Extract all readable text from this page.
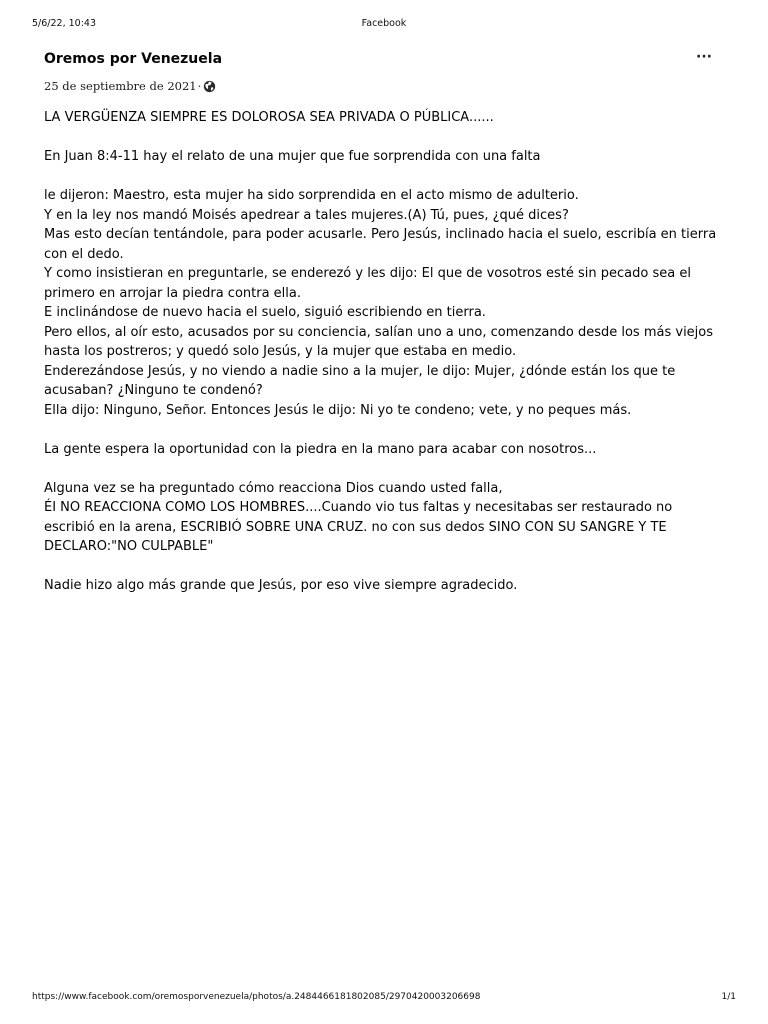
5/6/22, 10:43	Facebook
Oremos por Venezuela	···
25 de septiembre de 2021 ·

LA VERGÜENZA SIEMPRE ES DOLOROSA SEA PRIVADA O PÚBLICA......

En Juan 8:4-11 hay el relato de una mujer que fue sorprendida con una falta

le dijeron: Maestro, esta mujer ha sido sorprendida en el acto mismo de adulterio.

Y en la ley nos mandó Moisés apedrear a tales mujeres.(A) Tú, pues, ¿qué dices?

Mas esto decían tentándole, para poder acusarle. Pero Jesús, inclinado hacia el suelo, escribía en tierra con el dedo.

Y como insistieran en preguntarle, se enderezó y les dijo: El que de vosotros esté sin pecado sea el primero en arrojar la piedra contra ella.

E inclinándose de nuevo hacia el suelo, siguió escribiendo en tierra.

Pero ellos, al oír esto, acusados por su conciencia, salían uno a uno, comenzando desde los más viejos hasta los postreros; y quedó solo Jesús, y la mujer que estaba en medio.

Enderezándose Jesús, y no viendo a nadie sino a la mujer, le dijo: Mujer, ¿dónde están los que te acusaban? ¿Ninguno te condenó?

Ella dijo: Ninguno, Señor. Entonces Jesús le dijo: Ni yo te condeno; vete, y no peques más.

La gente espera la oportunidad con la piedra en la mano para acabar con nosotros...

Alguna vez se ha preguntado cómo reacciona Dios cuando usted falla,

ÉI NO REACCIONA COMO LOS HOMBRES....Cuando vio tus faltas y necesitabas ser restaurado no escribió en la arena, ESCRIBIÓ SOBRE UNA CRUZ. no con sus dedos SINO CON SU SANGRE Y TE DECLARO:"NO CULPABLE"

Nadie hizo algo más grande que Jesús, por eso vive siempre agradecido.

https://www.facebook.com/oremosporvenezuela/photos/a.2484466181802085/2970420003206698	1/1
